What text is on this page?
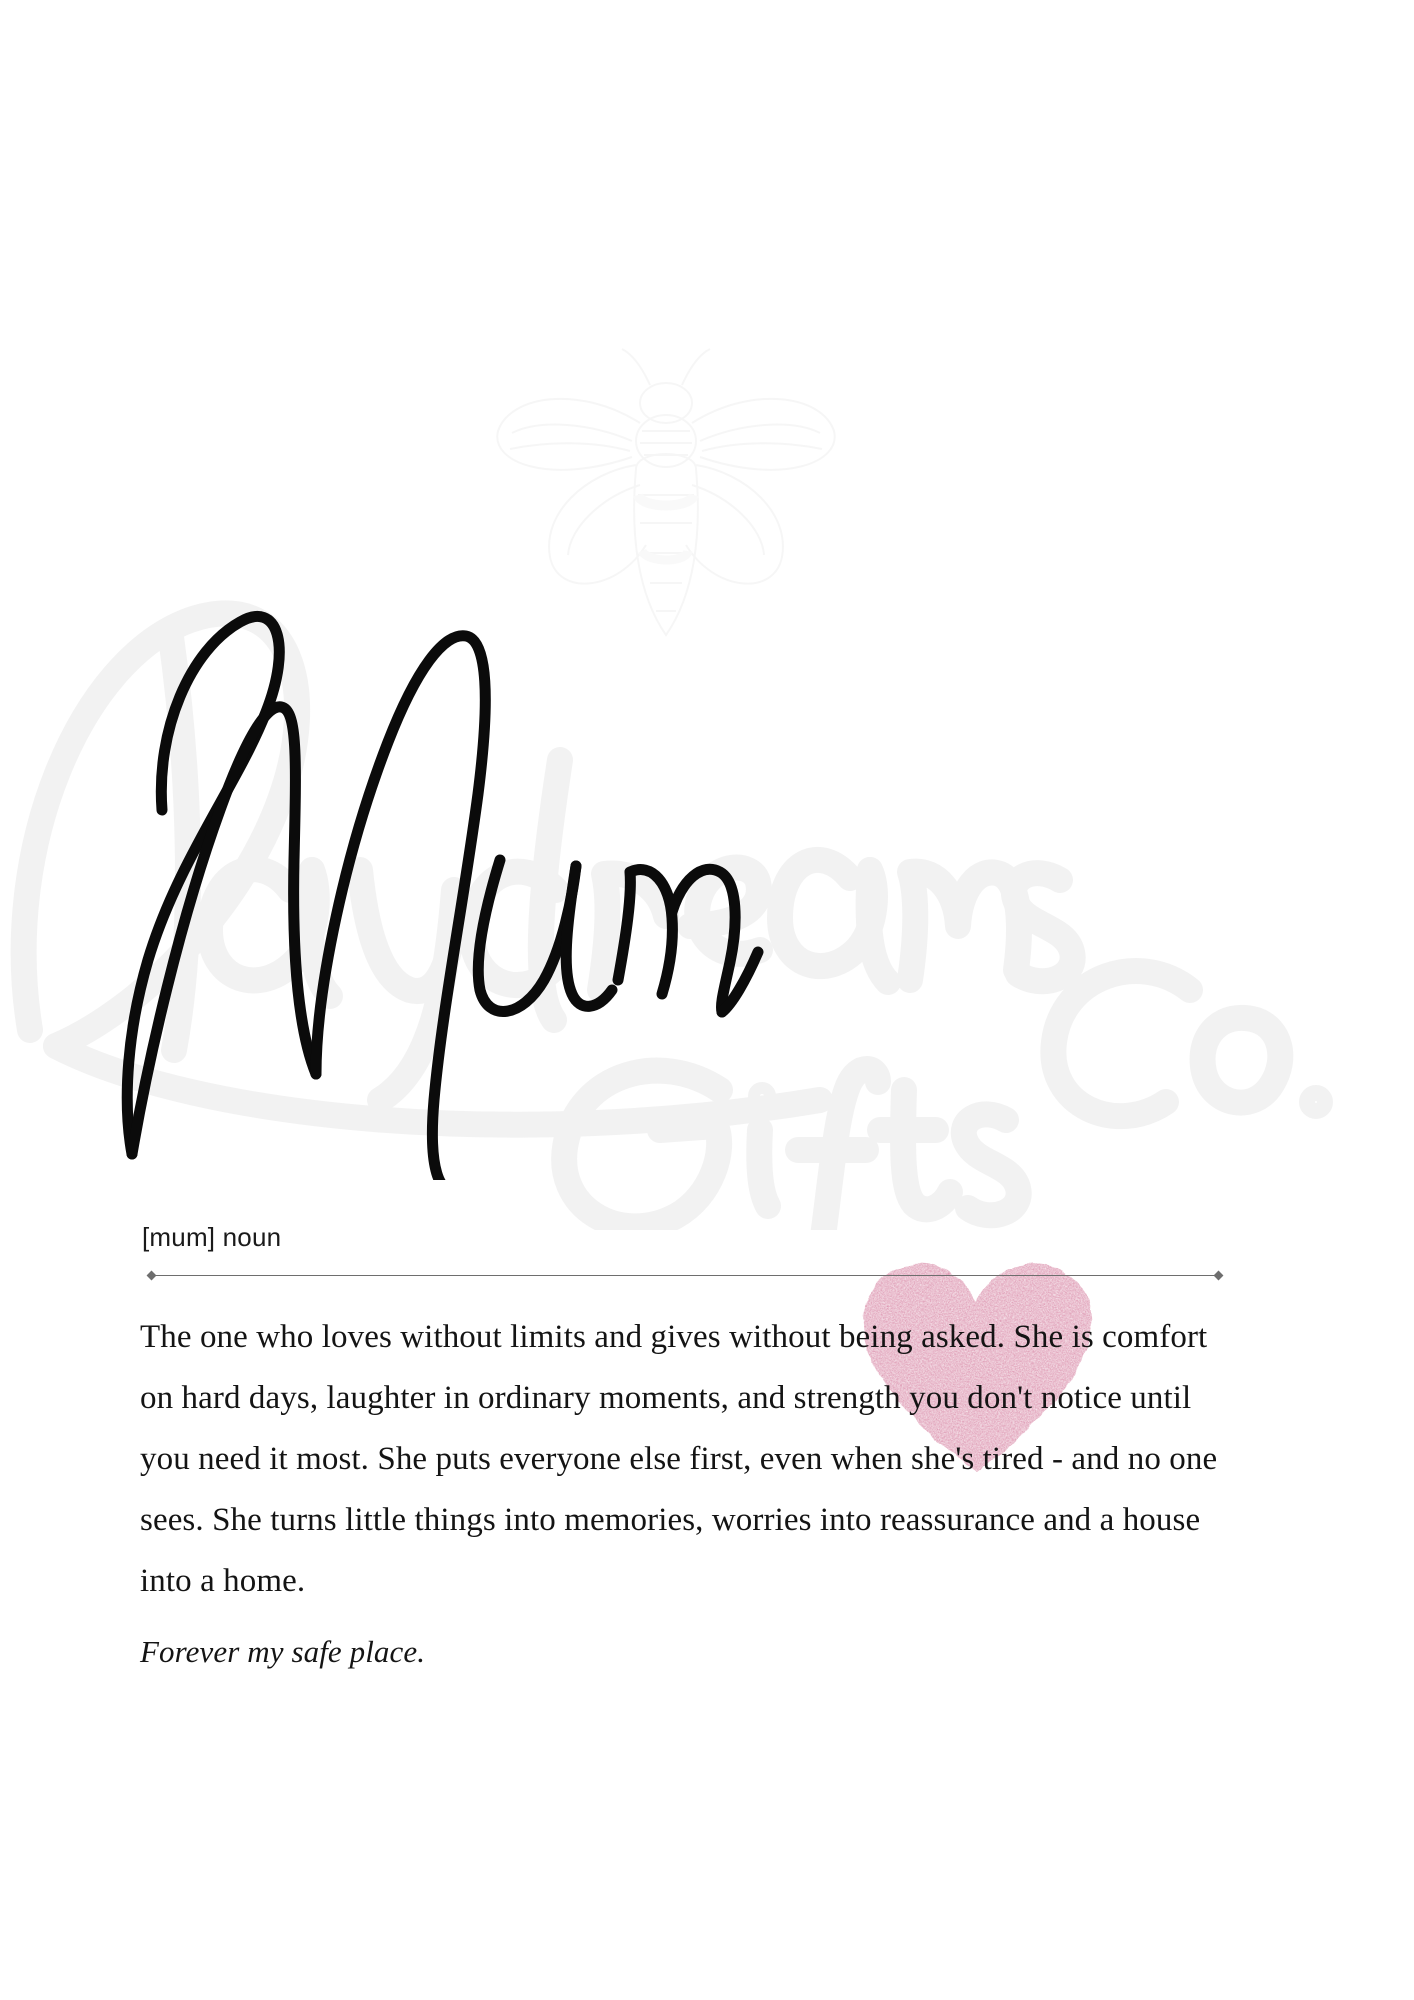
[mum] noun

The one who loves without limits and gives without being asked. She is comfort on hard days, laughter in ordinary moments, and strength you don't notice until you need it most. She puts everyone else first, even when she's tired - and no one sees. She turns little things into memories, worries into reassurance and a house into a home.

Forever my safe place.
